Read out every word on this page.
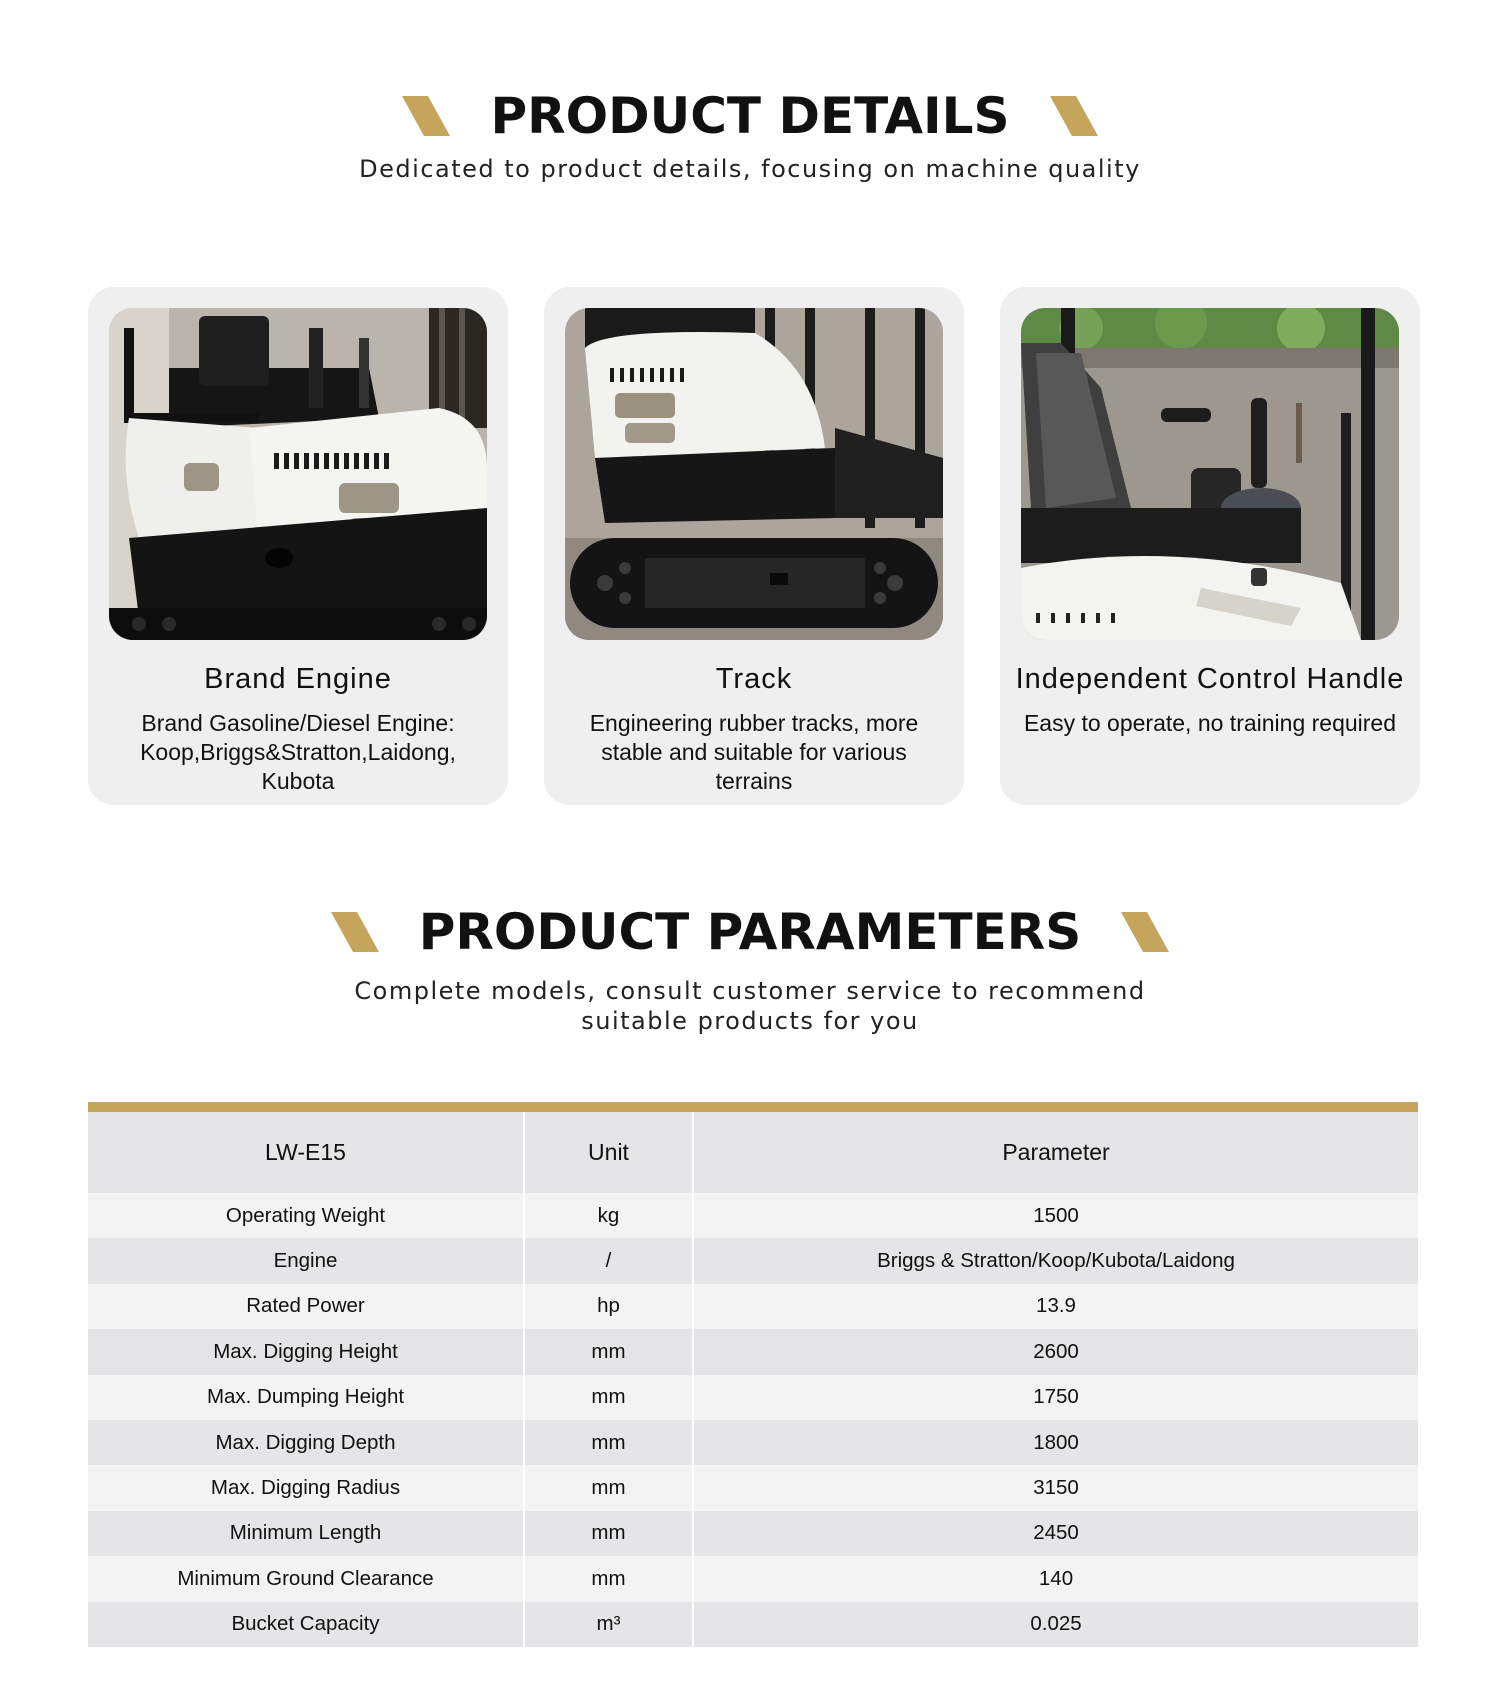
PRODUCT DETAILS

Dedicated to product details, focusing on machine quality

Brand Engine
Brand Gasoline/Diesel Engine: Koop,Briggs&Stratton,Laidong, Kubota
Track
Engineering rubber tracks, more stable and suitable for various terrains
Independent Control Handle
Easy to operate, no training required
PRODUCT PARAMETERS

Complete models, consult customer service to recommend suitable products for you

LW-E15	Unit	Parameter
Operating Weight	kg	1500
Engine	/	Briggs & Stratton/Koop/Kubota/Laidong
Rated Power	hp	13.9
Max. Digging Height	mm	2600
Max. Dumping Height	mm	1750
Max. Digging Depth	mm	1800
Max. Digging Radius	mm	3150
Minimum Length	mm	2450
Minimum Ground Clearance	mm	140
Bucket Capacity	m³	0.025
